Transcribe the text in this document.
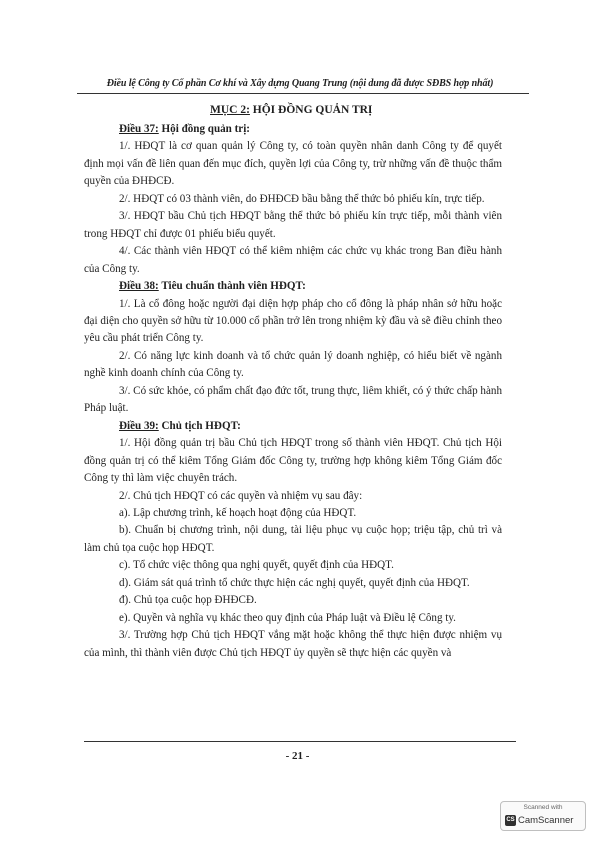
Điều lệ Công ty Cổ phần Cơ khí và Xây dựng Quang Trung (nội dung đã được SĐBS hợp nhất)
MỤC 2: HỘI ĐỒNG QUẢN TRỊ

Điều 37: Hội đồng quản trị:

1/. HĐQT là cơ quan quản lý Công ty, có toàn quyền nhân danh Công ty để quyết định mọi vấn đề liên quan đến mục đích, quyền lợi của Công ty, trừ những vấn đề thuộc thẩm quyền của ĐHĐCĐ.

2/. HĐQT có 03 thành viên, do ĐHĐCĐ bầu bằng thể thức bỏ phiếu kín, trực tiếp.

3/. HĐQT bầu Chủ tịch HĐQT bằng thể thức bỏ phiếu kín trực tiếp, mỗi thành viên trong HĐQT chỉ được 01 phiếu biểu quyết.

4/. Các thành viên HĐQT có thể kiêm nhiệm các chức vụ khác trong Ban điều hành của Công ty.

Điều 38: Tiêu chuẩn thành viên HĐQT:

1/. Là cổ đông hoặc người đại diện hợp pháp cho cổ đông là pháp nhân sở hữu hoặc đại diện cho quyền sở hữu từ 10.000 cổ phần trở lên trong nhiệm kỳ đầu và sẽ điều chỉnh theo yêu cầu phát triển Công ty.

2/. Có năng lực kinh doanh và tổ chức quản lý doanh nghiệp, có hiểu biết về ngành nghề kinh doanh chính của Công ty.

3/. Có sức khỏe, có phẩm chất đạo đức tốt, trung thực, liêm khiết, có ý thức chấp hành Pháp luật.

Điều 39: Chủ tịch HĐQT:

1/. Hội đồng quản trị bầu Chủ tịch HĐQT trong số thành viên HĐQT. Chủ tịch Hội đồng quản trị có thể kiêm Tổng Giám đốc Công ty, trường hợp không kiêm Tổng Giám đốc Công ty thì làm việc chuyên trách.

2/. Chủ tịch HĐQT có các quyền và nhiệm vụ sau đây:

a). Lập chương trình, kế hoạch hoạt động của HĐQT.

b). Chuẩn bị chương trình, nội dung, tài liệu phục vụ cuộc họp; triệu tập, chủ trì và làm chủ tọa cuộc họp HĐQT.

c). Tổ chức việc thông qua nghị quyết, quyết định của HĐQT.

d). Giám sát quá trình tổ chức thực hiện các nghị quyết, quyết định của HĐQT.

đ). Chủ tọa cuộc họp ĐHĐCĐ.

e). Quyền và nghĩa vụ khác theo quy định của Pháp luật và Điều lệ Công ty.

3/. Trường hợp Chủ tịch HĐQT vắng mặt hoặc không thể thực hiện được nhiệm vụ của mình, thì thành viên được Chủ tịch HĐQT ủy quyền sẽ thực hiện các quyền và

- 21 -
Scanned with
CS CamScanner
